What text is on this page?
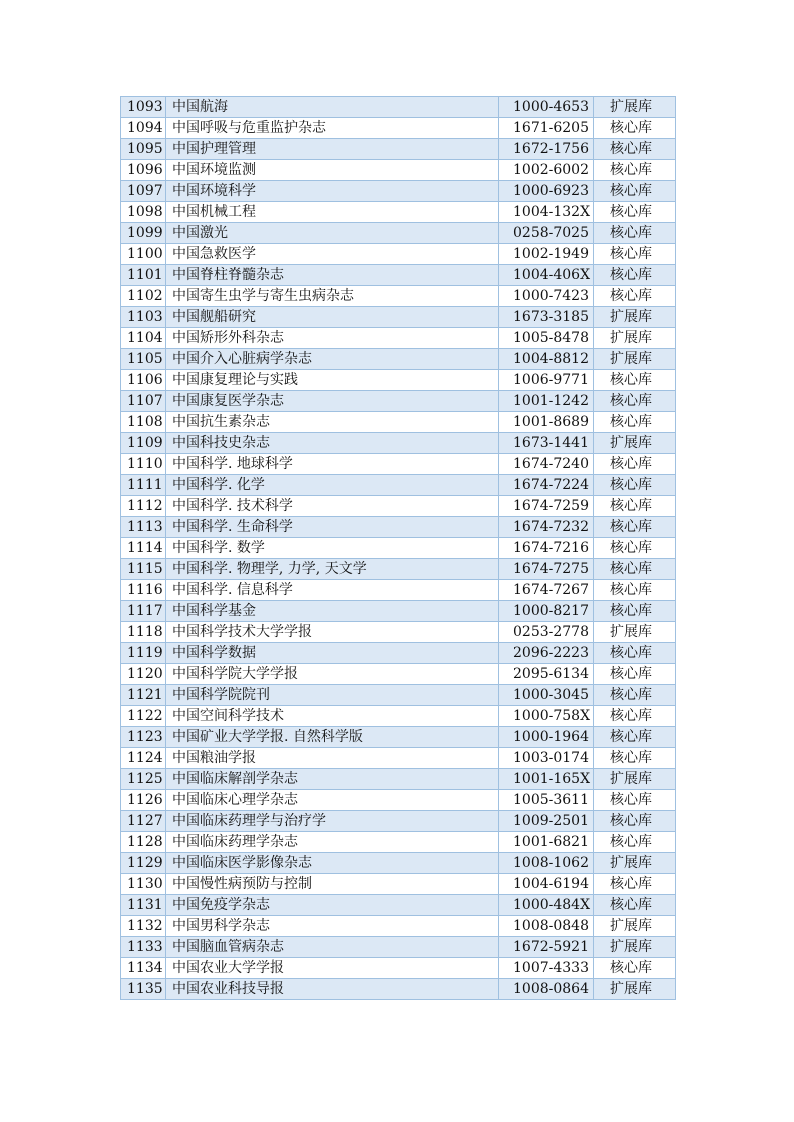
1093	中国航海	1000-4653	扩展库
1094	中国呼吸与危重监护杂志	1671-6205	核心库
1095	中国护理管理	1672-1756	核心库
1096	中国环境监测	1002-6002	核心库
1097	中国环境科学	1000-6923	核心库
1098	中国机械工程	1004-132X	核心库
1099	中国激光	0258-7025	核心库
1100	中国急救医学	1002-1949	核心库
1101	中国脊柱脊髓杂志	1004-406X	核心库
1102	中国寄生虫学与寄生虫病杂志	1000-7423	核心库
1103	中国舰船研究	1673-3185	扩展库
1104	中国矫形外科杂志	1005-8478	扩展库
1105	中国介入心脏病学杂志	1004-8812	扩展库
1106	中国康复理论与实践	1006-9771	核心库
1107	中国康复医学杂志	1001-1242	核心库
1108	中国抗生素杂志	1001-8689	核心库
1109	中国科技史杂志	1673-1441	扩展库
1110	中国科学. 地球科学	1674-7240	核心库
1111	中国科学. 化学	1674-7224	核心库
1112	中国科学. 技术科学	1674-7259	核心库
1113	中国科学. 生命科学	1674-7232	核心库
1114	中国科学. 数学	1674-7216	核心库
1115	中国科学. 物理学, 力学, 天文学	1674-7275	核心库
1116	中国科学. 信息科学	1674-7267	核心库
1117	中国科学基金	1000-8217	核心库
1118	中国科学技术大学学报	0253-2778	扩展库
1119	中国科学数据	2096-2223	核心库
1120	中国科学院大学学报	2095-6134	核心库
1121	中国科学院院刊	1000-3045	核心库
1122	中国空间科学技术	1000-758X	核心库
1123	中国矿业大学学报. 自然科学版	1000-1964	核心库
1124	中国粮油学报	1003-0174	核心库
1125	中国临床解剖学杂志	1001-165X	扩展库
1126	中国临床心理学杂志	1005-3611	核心库
1127	中国临床药理学与治疗学	1009-2501	核心库
1128	中国临床药理学杂志	1001-6821	核心库
1129	中国临床医学影像杂志	1008-1062	扩展库
1130	中国慢性病预防与控制	1004-6194	核心库
1131	中国免疫学杂志	1000-484X	核心库
1132	中国男科学杂志	1008-0848	扩展库
1133	中国脑血管病杂志	1672-5921	扩展库
1134	中国农业大学学报	1007-4333	核心库
1135	中国农业科技导报	1008-0864	扩展库
